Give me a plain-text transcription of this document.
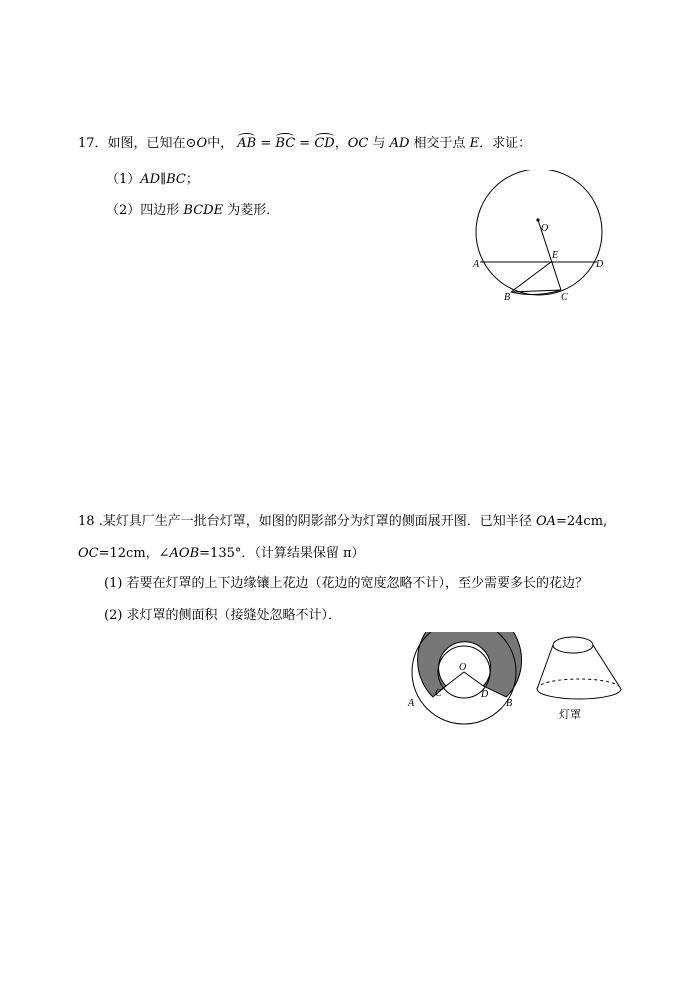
17．如图，已知在⊙O中， AB = BC = CD，OC 与 AD 相交于点 E．求证：
（1）AD∥BC；
（2）四边形 BCDE 为菱形．
O
E
A	D
B	C
18 .某灯具厂生产一批台灯罩，如图的阴影部分为灯罩的侧面展开图．已知半径 OA=24cm,
OC=12cm，∠AOB=135°．（计算结果保留 π）
(1) 若要在灯罩的上下边缘镶上花边（花边的宽度忽略不计），至少需要多长的花边？
(2) 求灯罩的侧面积（接缝处忽略不计）．
O
C	D
A	B
灯罩
